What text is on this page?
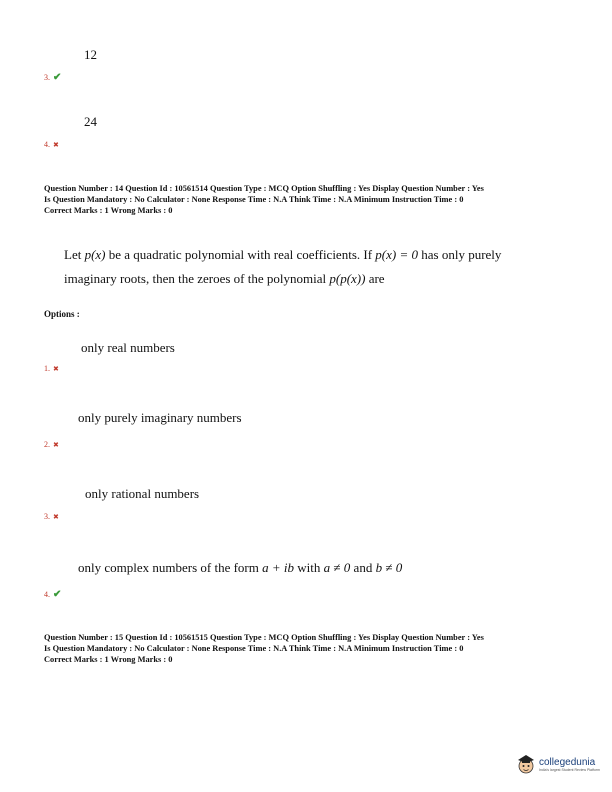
12
3. ✔
24
4. ✖
Question Number : 14 Question Id : 10561514 Question Type : MCQ Option Shuffling : Yes Display Question Number : Yes
Is Question Mandatory : No Calculator : None Response Time : N.A Think Time : N.A Minimum Instruction Time : 0
Correct Marks : 1 Wrong Marks : 0
Let p(x) be a quadratic polynomial with real coefficients. If p(x) = 0 has only purely
imaginary roots, then the zeroes of the polynomial p(p(x)) are
Options :
only real numbers
1. ✖
only purely imaginary numbers
2. ✖
only rational numbers
3. ✖
only complex numbers of the form a + ib with a ≠ 0 and b ≠ 0
4. ✔
Question Number : 15 Question Id : 10561515 Question Type : MCQ Option Shuffling : Yes Display Question Number : Yes
Is Question Mandatory : No Calculator : None Response Time : N.A Think Time : N.A Minimum Instruction Time : 0
Correct Marks : 1 Wrong Marks : 0
collegedunia
India's largest Student Review Platform
